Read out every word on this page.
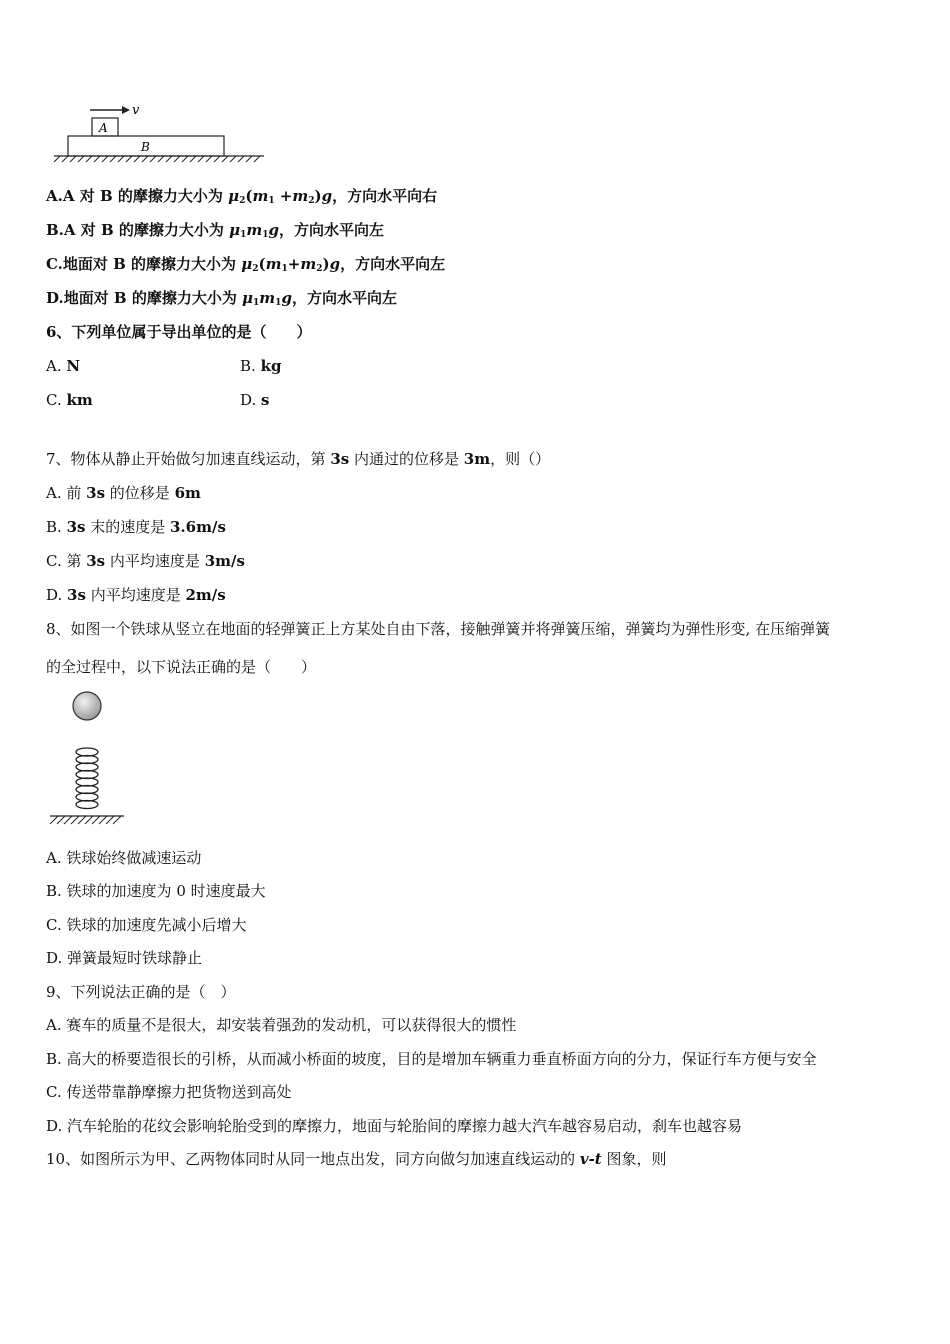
v
A
B
A.A 对 B 的摩擦力大小为 $\mu_2(m_1 +m_2)g$，方向水平向右
B.A 对 B 的摩擦力大小为 $\mu_1m_1g$，方向水平向左
C.地面对 B 的摩擦力大小为 $\mu_2(m_1+m_2)g$，方向水平向左
D.地面对 B 的摩擦力大小为 $\mu_1m_1g$，方向水平向左
6、下列单位属于导出单位的是（　　）
A. N	B. kg
C. km	D. s
7、物体从静止开始做匀加速直线运动，第 3s 内通过的位移是 3m，则（）
A. 前 3s 的位移是 6m
B. 3s 末的速度是 3.6m/s
C. 第 3s 内平均速度是 3m/s
D. 3s 内平均速度是 2m/s
8、如图一个铁球从竖立在地面的轻弹簧正上方某处自由下落，接触弹簧并将弹簧压缩，弹簧均为弹性形变, 在压缩弹簧
的全过程中，以下说法正确的是（　　）
A. 铁球始终做减速运动
B. 铁球的加速度为 0 时速度最大
C. 铁球的加速度先减小后增大
D. 弹簧最短时铁球静止
9、下列说法正确的是（　）
A. 赛车的质量不是很大，却安装着强劲的发动机，可以获得很大的惯性
B. 高大的桥要造很长的引桥，从而减小桥面的坡度，目的是增加车辆重力垂直桥面方向的分力，保证行车方便与安全
C. 传送带靠静摩擦力把货物送到高处
D. 汽车轮胎的花纹会影响轮胎受到的摩擦力，地面与轮胎间的摩擦力越大汽车越容易启动，刹车也越容易
10、如图所示为甲、乙两物体同时从同一地点出发，同方向做匀加速直线运动的 v-t 图象，则
